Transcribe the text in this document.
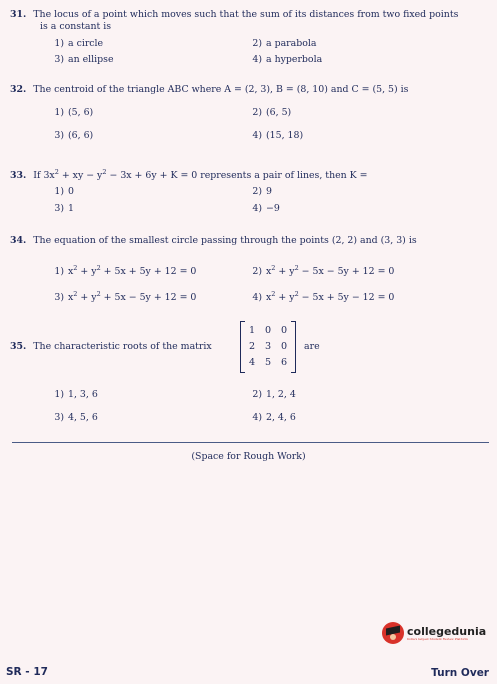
31. The locus of a point which moves such that the sum of its distances from two fixed points
is a constant is
1) a circle	2) a parabola
3) an ellipse	4) a hyperbola
32. The centroid of the triangle ABC where A = (2, 3), B = (8, 10) and C = (5, 5) is
1) (5, 6)	2) (6, 5)
3) (6, 6)	4) (15, 18)
33. If $3x^2$ + xy − $y^2 - 3x + 6y + K = 0$ represents a pair of lines, then K =
1) 0	2) 9
3) 1	4) −9
34. The equation of the smallest circle passing through the points (2, 2) and (3, 3) is
1) $x^2 + y^2 + 5x + 5y + 12 = 0$	2) $x^2 + y^2 - 5x - 5y + 12 = 0$
3) $x^2 + y^2 + 5x - 5y + 12 = 0$	4) $x^2 + y^2 - 5x + 5y - 12 = 0$
35. The characteristic roots of the matrix
1	0	0
2	3	0
4	5	6
are
1) 1, 3, 6	2) 1, 2, 4
3) 4, 5, 6	4) 2, 4, 6
(Space for Rough Work)
collegedunia
India's largest Student Review Platform
SR - 17	Turn Over
